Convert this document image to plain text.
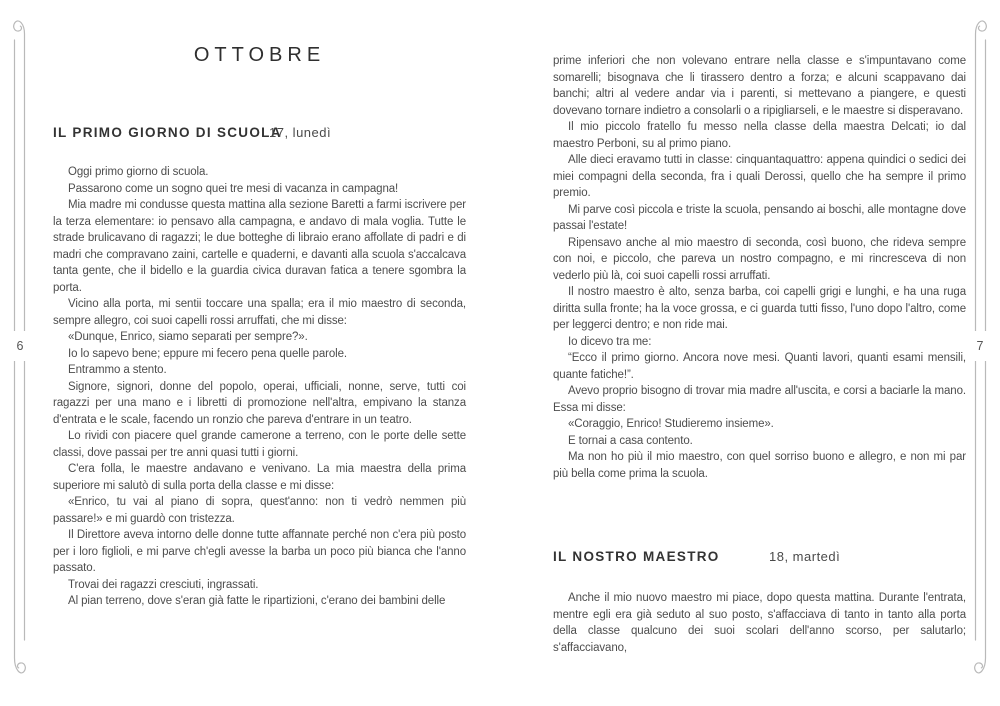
6	7
OTTOBRE
IL PRIMO GIORNO DI SCUOLA
17, lunedì

Oggi primo giorno di scuola.

Passarono come un sogno quei tre mesi di vacanza in campagna!

Mia madre mi condusse questa mattina alla sezione Baretti a farmi iscrivere per la terza elementare: io pensavo alla campagna, e andavo di mala voglia. Tutte le strade brulicavano di ragazzi; le due botteghe di libraio erano affollate di padri e di madri che compravano zaini, cartelle e quaderni, e davanti alla scuola s'accalcava tanta gente, che il bidello e la guardia civica duravan fatica a tenere sgombra la porta.

Vicino alla porta, mi sentii toccare una spalla; era il mio maestro di seconda, sempre allegro, coi suoi capelli rossi arruffati, che mi disse:

«Dunque, Enrico, siamo separati per sempre?».

Io lo sapevo bene; eppure mi fecero pena quelle parole.

Entrammo a stento.

Signore, signori, donne del popolo, operai, ufficiali, nonne, serve, tutti coi ragazzi per una mano e i libretti di promozione nell'altra, empivano la stanza d'entrata e le scale, facendo un ronzio che pareva d'entrare in un teatro.

Lo rividi con piacere quel grande camerone a terreno, con le porte delle sette classi, dove passai per tre anni quasi tutti i giorni.

C'era folla, le maestre andavano e venivano. La mia maestra della prima superiore mi salutò di sulla porta della classe e mi disse:

«Enrico, tu vai al piano di sopra, quest'anno: non ti vedrò nemmen più passare!» e mi guardò con tristezza.

Il Direttore aveva intorno delle donne tutte affannate perché non c'era più posto per i loro figlioli, e mi parve ch'egli avesse la barba un poco più bianca che l'anno passato.

Trovai dei ragazzi cresciuti, ingrassati.

Al pian terreno, dove s'eran già fatte le ripartizioni, c'erano dei bambini delle

prime inferiori che non volevano entrare nella classe e s'impuntavano come somarelli; bisognava che li tirassero dentro a forza; e alcuni scappavano dai banchi; altri al vedere andar via i parenti, si mettevano a piangere, e questi dovevano tornare indietro a consolarli o a ripigliarseli, e le maestre si disperavano.

Il mio piccolo fratello fu messo nella classe della maestra Delcati; io dal maestro Perboni, su al primo piano.

Alle dieci eravamo tutti in classe: cinquantaquattro: appena quindici o sedici dei miei compagni della seconda, fra i quali Derossi, quello che ha sempre il primo premio.

Mi parve così piccola e triste la scuola, pensando ai boschi, alle montagne dove passai l'estate!

Ripensavo anche al mio maestro di seconda, così buono, che rideva sempre con noi, e piccolo, che pareva un nostro compagno, e mi rincresceva di non vederlo più là, coi suoi capelli rossi arruffati.

Il nostro maestro è alto, senza barba, coi capelli grigi e lunghi, e ha una ruga diritta sulla fronte; ha la voce grossa, e ci guarda tutti fisso, l'uno dopo l'altro, come per leggerci dentro; e non ride mai.

Io dicevo tra me:

“Ecco il primo giorno. Ancora nove mesi. Quanti lavori, quanti esami mensili, quante fatiche!”.

Avevo proprio bisogno di trovar mia madre all'uscita, e corsi a baciarle la mano. Essa mi disse:

«Coraggio, Enrico! Studieremo insieme».

E tornai a casa contento.

Ma non ho più il mio maestro, con quel sorriso buono e allegro, e non mi par più bella come prima la scuola.

IL NOSTRO MAESTRO	18, martedì

Anche il mio nuovo maestro mi piace, dopo questa mattina. Durante l'entrata, mentre egli era già seduto al suo posto, s'affacciava di tanto in tanto alla porta della classe qualcuno dei suoi scolari dell'anno scorso, per salutarlo; s'affacciavano,
